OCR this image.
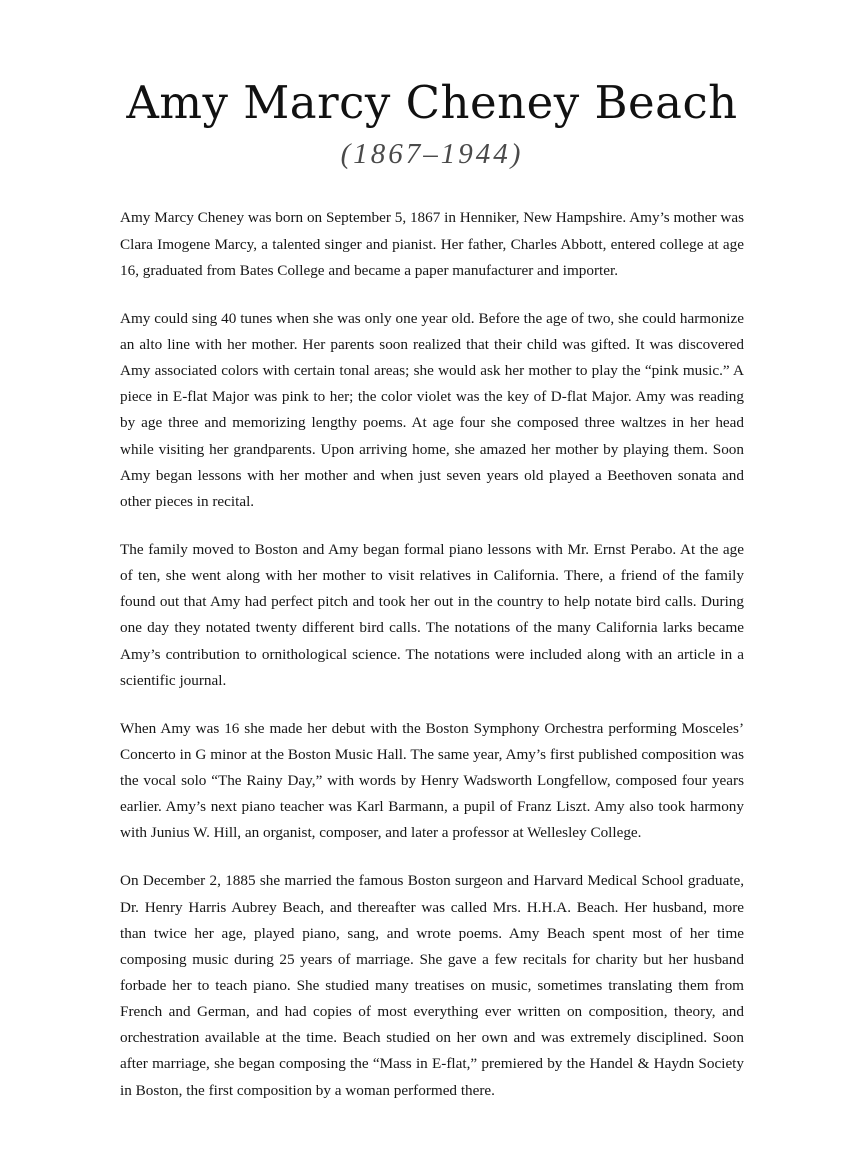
Amy Marcy Cheney Beach
(1867–1944)

Amy Marcy Cheney was born on September 5, 1867 in Henniker, New Hampshire. Amy’s mother was Clara Imogene Marcy, a talented singer and pianist. Her father, Charles Abbott, entered college at age 16, graduated from Bates College and became a paper manufacturer and importer.

Amy could sing 40 tunes when she was only one year old. Before the age of two, she could harmonize an alto line with her mother. Her parents soon realized that their child was gifted. It was discovered Amy associated colors with certain tonal areas; she would ask her mother to play the “pink music.” A piece in E-flat Major was pink to her; the color violet was the key of D-flat Major. Amy was reading by age three and memorizing lengthy poems. At age four she composed three waltzes in her head while visiting her grandparents. Upon arriving home, she amazed her mother by playing them. Soon Amy began lessons with her mother and when just seven years old played a Beethoven sonata and other pieces in recital.

The family moved to Boston and Amy began formal piano lessons with Mr. Ernst Perabo. At the age of ten, she went along with her mother to visit relatives in California. There, a friend of the family found out that Amy had perfect pitch and took her out in the country to help notate bird calls. During one day they notated twenty different bird calls. The notations of the many California larks became Amy’s contribution to ornithological science. The notations were included along with an article in a scientific journal.

When Amy was 16 she made her debut with the Boston Symphony Orchestra performing Mosceles’ Concerto in G minor at the Boston Music Hall. The same year, Amy’s first published composition was the vocal solo “The Rainy Day,” with words by Henry Wadsworth Longfellow, composed four years earlier. Amy’s next piano teacher was Karl Barmann, a pupil of Franz Liszt. Amy also took harmony with Junius W. Hill, an organist, composer, and later a professor at Wellesley College.

On December 2, 1885 she married the famous Boston surgeon and Harvard Medical School graduate, Dr. Henry Harris Aubrey Beach, and thereafter was called Mrs. H.H.A. Beach. Her husband, more than twice her age, played piano, sang, and wrote poems. Amy Beach spent most of her time composing music during 25 years of marriage. She gave a few recitals for charity but her husband forbade her to teach piano. She studied many treatises on music, sometimes translating them from French and German, and had copies of most everything ever written on composition, theory, and orchestration available at the time. Beach studied on her own and was extremely disciplined. Soon after marriage, she began composing the “Mass in E-flat,” premiered by the Handel & Haydn Society in Boston, the first composition by a woman performed there.
